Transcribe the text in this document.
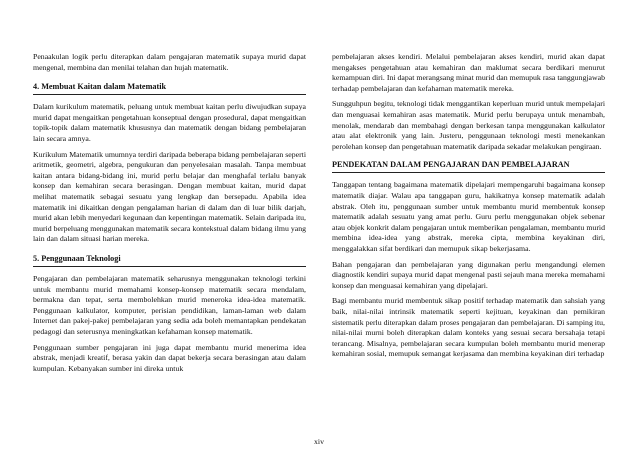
Penaakulan logik perlu diterapkan dalam pengajaran matematik supaya murid dapat mengenal, membina dan menilai telahan dan hujah matematik.

4. Membuat Kaitan dalam Matematik

Dalam kurikulum matematik, peluang untuk membuat kaitan perlu diwujudkan supaya murid dapat mengaitkan pengetahuan konseptual dengan prosedural, dapat mengaitkan topik-topik dalam matematik khususnya dan matematik dengan bidang pembelajaran lain secara amnya.

Kurikulum Matematik umumnya terdiri daripada beberapa bidang pembelajaran seperti aritmetik, geometri, algebra, pengukuran dan penyelesaian masalah. Tanpa membuat kaitan antara bidang-bidang ini, murid perlu belajar dan menghafal terlalu banyak konsep dan kemahiran secara berasingan. Dengan membuat kaitan, murid dapat melihat matematik sebagai sesuatu yang lengkap dan bersepadu. Apabila idea matematik ini dikaitkan dengan pengalaman harian di dalam dan di luar bilik darjah, murid akan lebih menyedari kegunaan dan kepentingan matematik. Selain daripada itu, murid berpeluang menggunakan matematik secara kontekstual dalam bidang ilmu yang lain dan dalam situasi harian mereka.

5. Penggunaan Teknologi

Pengajaran dan pembelajaran matematik seharusnya menggunakan teknologi terkini untuk membantu murid memahami konsep-konsep matematik secara mendalam, bermakna dan tepat, serta membolehkan murid meneroka idea-idea matematik. Penggunaan kalkulator, komputer, perisian pendidikan, laman-laman web dalam Internet dan pakej-pakej pembelajaran yang sedia ada boleh memantapkan pendekatan pedagogi dan seterusnya meningkatkan kefahaman konsep matematik.

Penggunaan sumber pengajaran ini juga dapat membantu murid menerima idea abstrak, menjadi kreatif, berasa yakin dan dapat bekerja secara berasingan atau dalam kumpulan. Kebanyakan sumber ini direka untuk

pembelajaran akses kendiri. Melalui pembelajaran akses kendiri, murid akan dapat mengakses pengetahuan atau kemahiran dan maklumat secara berdikari menurut kemampuan diri. Ini dapat merangsang minat murid dan memupuk rasa tanggungjawab terhadap pembelajaran dan kefahaman matematik mereka.

Sungguhpun begitu, teknologi tidak menggantikan keperluan murid untuk mempelajari dan menguasai kemahiran asas matematik. Murid perlu berupaya untuk menambah, menolak, mendarab dan membahagi dengan berkesan tanpa menggunakan kalkulator atau alat elektronik yang lain. Justeru, penggunaan teknologi mesti menekankan perolehan konsep dan pengetahuan matematik daripada sekadar melakukan pengiraan.

PENDEKATAN DALAM PENGAJARAN DAN PEMBELAJARAN

Tanggapan tentang bagaimana matematik dipelajari mempengaruhi bagaimana konsep matematik diajar. Walau apa tanggapan guru, hakikatnya konsep matematik adalah abstrak. Oleh itu, penggunaan sumber untuk membantu murid membentuk konsep matematik adalah sesuatu yang amat perlu. Guru perlu menggunakan objek sebenar atau objek konkrit dalam pengajaran untuk memberikan pengalaman, membantu murid membina idea-idea yang abstrak, mereka cipta, membina keyakinan diri, menggalakkan sifat berdikari dan memupuk sikap bekerjasama.

Bahan pengajaran dan pembelajaran yang digunakan perlu mengandungi elemen diagnostik kendiri supaya murid dapat mengenal pasti sejauh mana mereka memahami konsep dan menguasai kemahiran yang dipelajari.

Bagi membantu murid membentuk sikap positif terhadap matematik dan sahsiah yang baik, nilai-nilai intrinsik matematik seperti kejituan, keyakinan dan pemikiran sistematik perlu diterapkan dalam proses pengajaran dan pembelajaran. Di samping itu, nilai-nilai murni boleh diterapkan dalam konteks yang sesuai secara bersahaja tetapi terancang. Misalnya, pembelajaran secara kumpulan boleh membantu murid menerap kemahiran sosial, memupuk semangat kerjasama dan membina keyakinan diri terhadap

xiv
